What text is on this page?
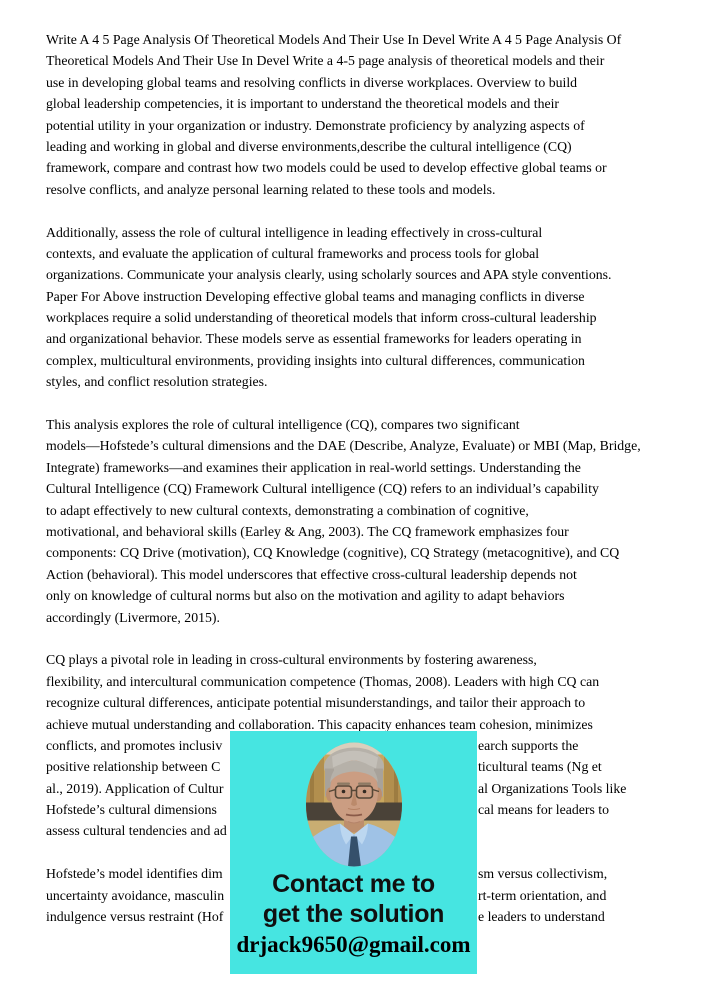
Write A 4 5 Page Analysis Of Theoretical Models And Their Use In Devel Write A 4 5 Page Analysis Of
Theoretical Models And Their Use In Devel Write a 4-5 page analysis of theoretical models and their
use in developing global teams and resolving conflicts in diverse workplaces. Overview to build
global leadership competencies, it is important to understand the theoretical models and their
potential utility in your organization or industry. Demonstrate proficiency by analyzing aspects of
leading and working in global and diverse environments,describe the cultural intelligence (CQ)
framework, compare and contrast how two models could be used to develop effective global teams or
resolve conflicts, and analyze personal learning related to these tools and models.
Additionally, assess the role of cultural intelligence in leading effectively in cross-cultural
contexts, and evaluate the application of cultural frameworks and process tools for global
organizations. Communicate your analysis clearly, using scholarly sources and APA style conventions.
Paper For Above instruction Developing effective global teams and managing conflicts in diverse
workplaces require a solid understanding of theoretical models that inform cross-cultural leadership
and organizational behavior. These models serve as essential frameworks for leaders operating in
complex, multicultural environments, providing insights into cultural differences, communication
styles, and conflict resolution strategies.
This analysis explores the role of cultural intelligence (CQ), compares two significant
models—Hofstede’s cultural dimensions and the DAE (Describe, Analyze, Evaluate) or MBI (Map, Bridge,
Integrate) frameworks—and examines their application in real-world settings. Understanding the
Cultural Intelligence (CQ) Framework Cultural intelligence (CQ) refers to an individual’s capability
to adapt effectively to new cultural contexts, demonstrating a combination of cognitive,
motivational, and behavioral skills (Earley & Ang, 2003). The CQ framework emphasizes four
components: CQ Drive (motivation), CQ Knowledge (cognitive), CQ Strategy (metacognitive), and CQ
Action (behavioral). This model underscores that effective cross-cultural leadership depends not
only on knowledge of cultural norms but also on the motivation and agility to adapt behaviors
accordingly (Livermore, 2015).
CQ plays a pivotal role in leading in cross-cultural environments by fostering awareness,
flexibility, and intercultural communication competence (Thomas, 2008). Leaders with high CQ can
recognize cultural differences, anticipate potential misunderstandings, and tailor their approach to
achieve mutual understanding and collaboration. This capacity enhances team cohesion, minimizes
conflicts, and promotes inclusiv	earch supports the
positive relationship between C	ticultural teams (Ng et
al., 2019). Application of Cultur	al Organizations Tools like
Hofstede’s cultural dimensions	cal means for leaders to
assess cultural tendencies and ad
Hofstede’s model identifies dim	sm versus collectivism,
uncertainty avoidance, masculin	rt-term orientation, and
indulgence versus restraint (Hof	e leaders to understand
Contact me to
get the solution
drjack9650@gmail.com
